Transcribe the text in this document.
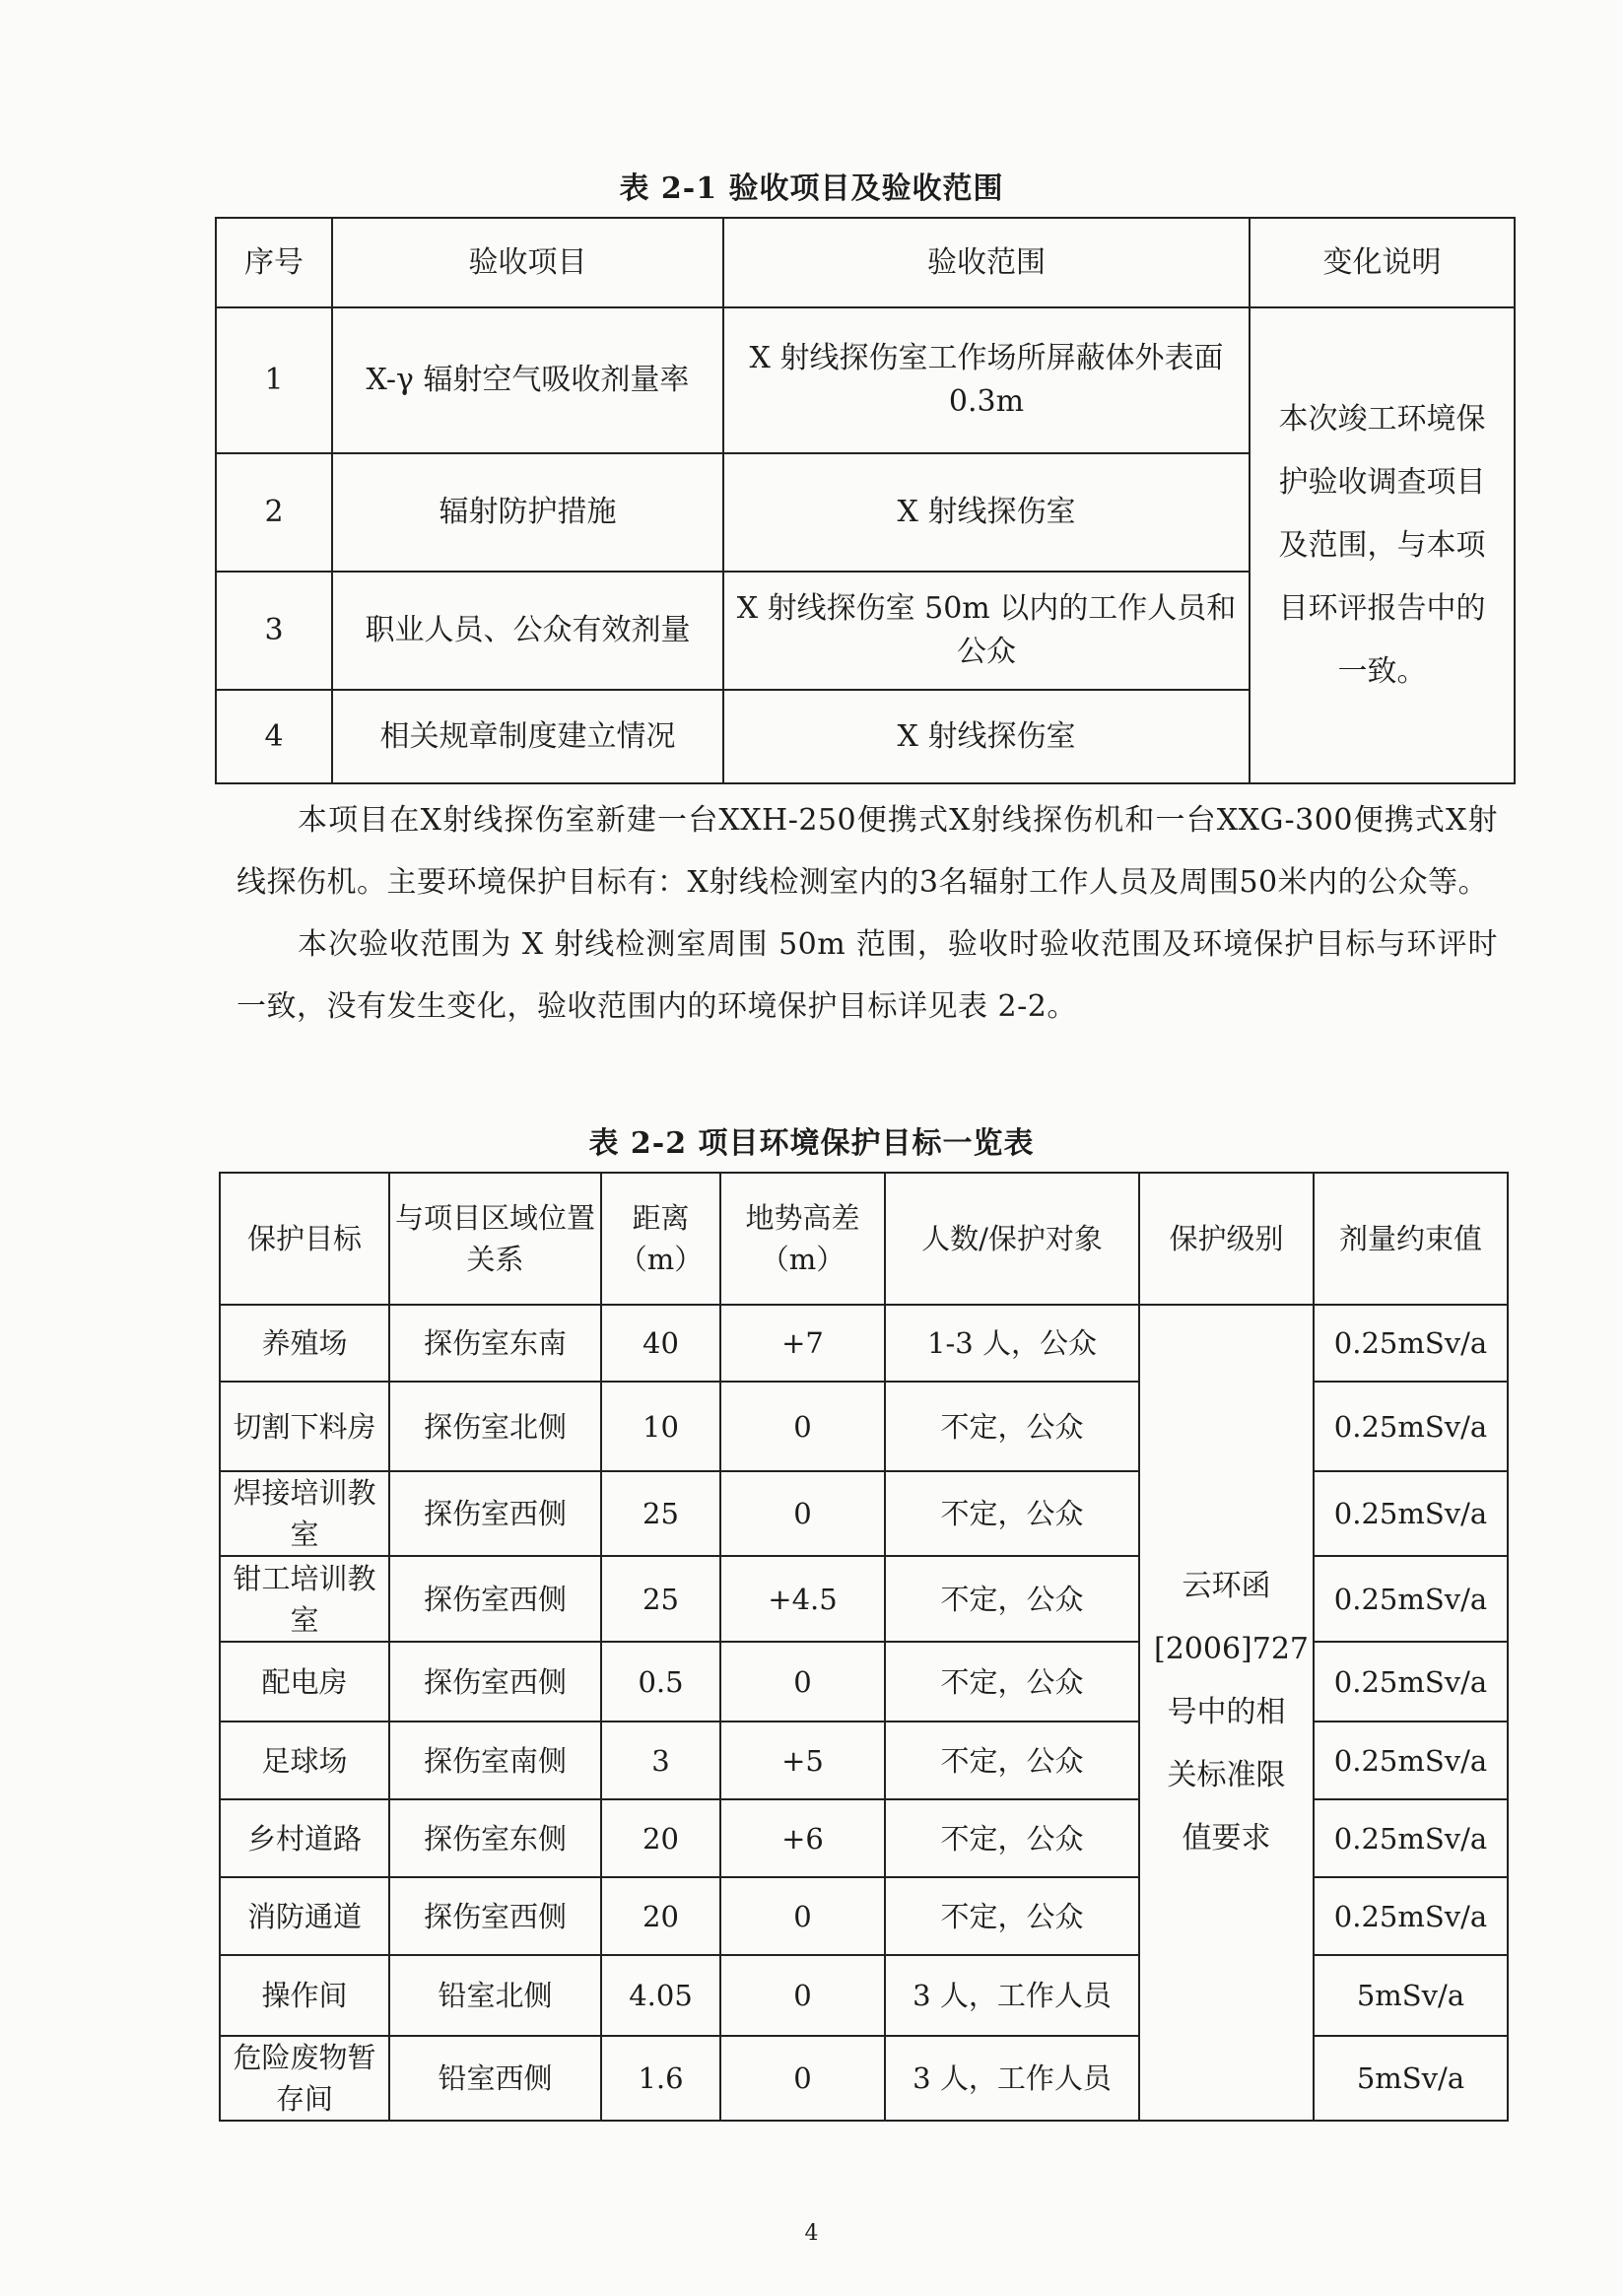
表 2-1 验收项目及验收范围
序号	验收项目	验收范围	变化说明
1	X-γ 辐射空气吸收剂量率	X 射线探伤室工作场所屏蔽体外表面 0.3m	本次竣工环境保护验收调查项目及范围，与本项目环评报告中的一致。
2	辐射防护措施	X 射线探伤室	
3	职业人员、公众有效剂量	X 射线探伤室 50m 以内的工作人员和公众	
4	相关规章制度建立情况	X 射线探伤室	

本项目在X射线探伤室新建一台XXH-250便携式X射线探伤机和一台XXG-300便携式X射线探伤机。主要环境保护目标有：X射线检测室内的3名辐射工作人员及周围50米内的公众等。

本次验收范围为 X 射线检测室周围 50m 范围，验收时验收范围及环境保护目标与环评时一致，没有发生变化，验收范围内的环境保护目标详见表 2-2。

表 2-2 项目环境保护目标一览表
保护目标	与项目区域位置关系	距离（m）	地势高差（m）	人数/保护对象	保护级别	剂量约束值
养殖场	探伤室东南	40	+7	1-3 人，公众	云环函[2006]727号中的相关标准限值要求	0.25mSv/a
切割下料房	探伤室北侧	10	0	不定，公众		0.25mSv/a
焊接培训教室	探伤室西侧	25	0	不定，公众		0.25mSv/a
钳工培训教室	探伤室西侧	25	+4.5	不定，公众		0.25mSv/a
配电房	探伤室西侧	0.5	0	不定，公众		0.25mSv/a
足球场	探伤室南侧	3	+5	不定，公众		0.25mSv/a
乡村道路	探伤室东侧	20	+6	不定，公众		0.25mSv/a
消防通道	探伤室西侧	20	0	不定，公众		0.25mSv/a
操作间	铅室北侧	4.05	0	3 人，工作人员		5mSv/a
危险废物暂存间	铅室西侧	1.6	0	3 人，工作人员		5mSv/a
4
